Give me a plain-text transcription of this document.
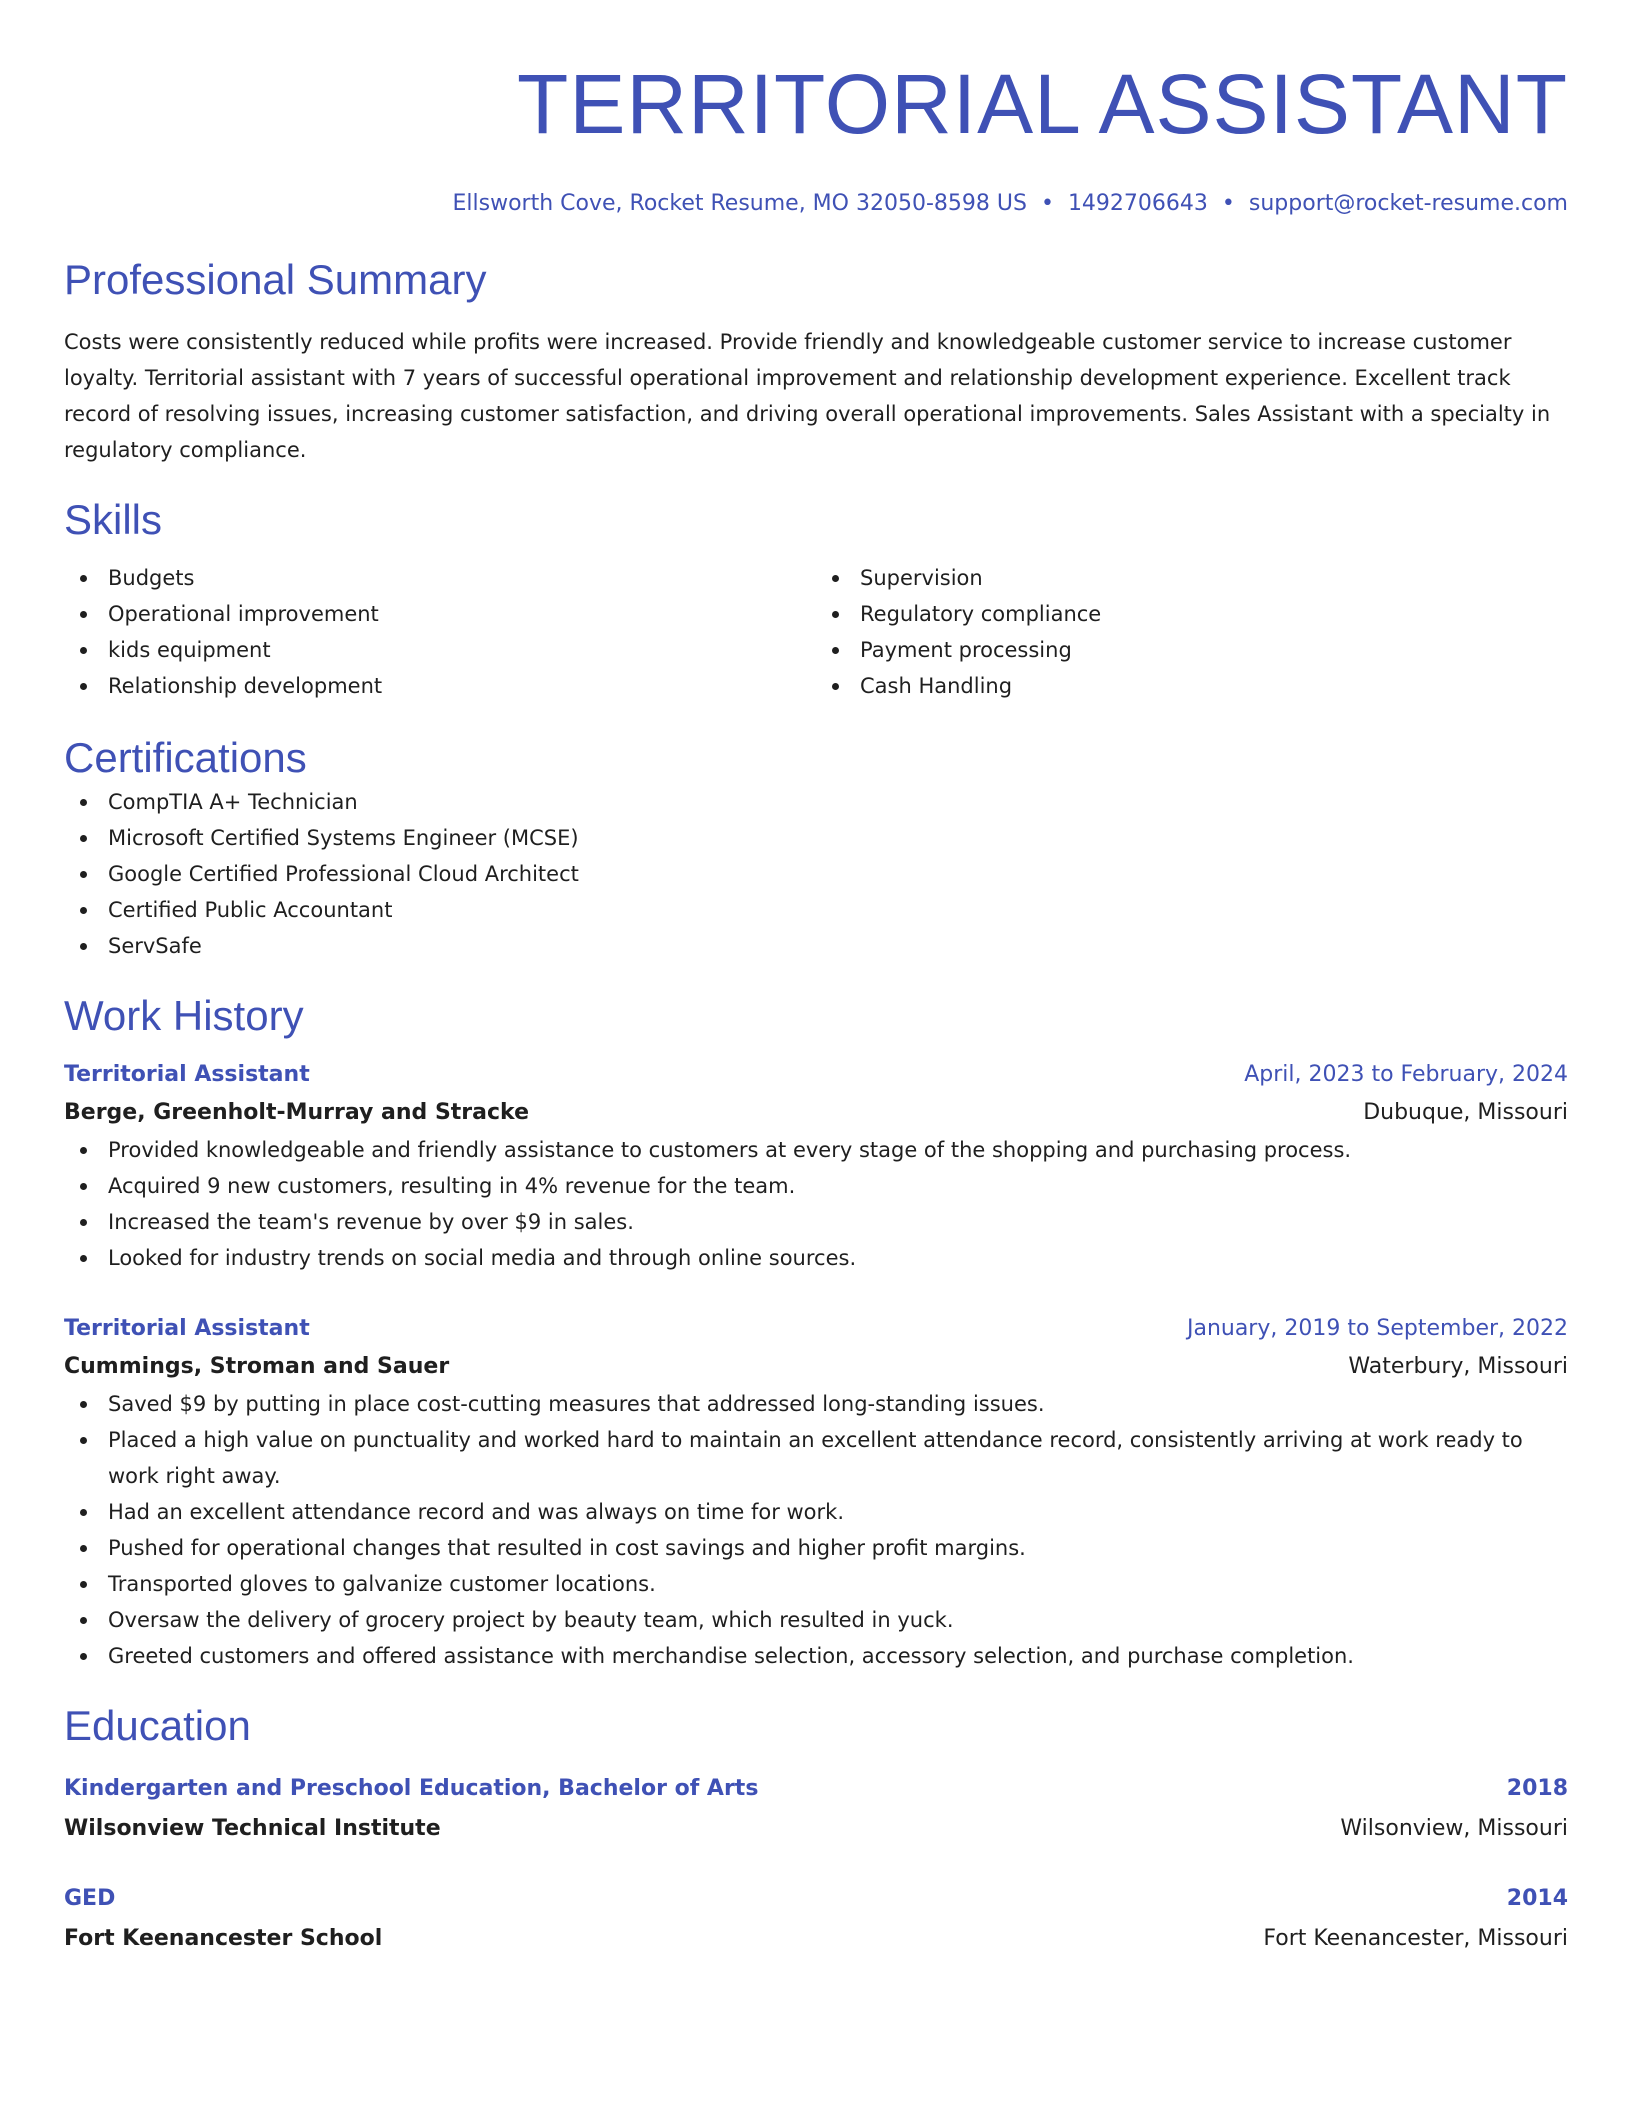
TERRITORIAL ASSISTANT
Ellsworth Cove, Rocket Resume, MO 32050-8598 US • 1492706643 • support@rocket-resume.com
Professional Summary

Costs were consistently reduced while profits were increased. Provide friendly and knowledgeable customer service to increase customer loyalty. Territorial assistant with 7 years of successful operational improvement and relationship development experience. Excellent track record of resolving issues, increasing customer satisfaction, and driving overall operational improvements. Sales Assistant with a specialty in regulatory compliance.

Skills
Budgets
Operational improvement
kids equipment
Relationship development
Supervision
Regulatory compliance
Payment processing
Cash Handling
Certifications
CompTIA A+ Technician
Microsoft Certified Systems Engineer (MCSE)
Google Certified Professional Cloud Architect
Certified Public Accountant
ServSafe
Work History
Territorial Assistant	April, 2023 to February, 2024
Berge, Greenholt-Murray and Stracke	Dubuque, Missouri
Provided knowledgeable and friendly assistance to customers at every stage of the shopping and purchasing process.
Acquired 9 new customers, resulting in 4% revenue for the team.
Increased the team's revenue by over $9 in sales.
Looked for industry trends on social media and through online sources.
Territorial Assistant	January, 2019 to September, 2022
Cummings, Stroman and Sauer	Waterbury, Missouri
Saved $9 by putting in place cost-cutting measures that addressed long-standing issues.
Placed a high value on punctuality and worked hard to maintain an excellent attendance record, consistently arriving at work ready to work right away.
Had an excellent attendance record and was always on time for work.
Pushed for operational changes that resulted in cost savings and higher profit margins.
Transported gloves to galvanize customer locations.
Oversaw the delivery of grocery project by beauty team, which resulted in yuck.
Greeted customers and offered assistance with merchandise selection, accessory selection, and purchase completion.
Education
Kindergarten and Preschool Education, Bachelor of Arts	2018
Wilsonview Technical Institute	Wilsonview, Missouri
GED	2014
Fort Keenancester School	Fort Keenancester, Missouri
